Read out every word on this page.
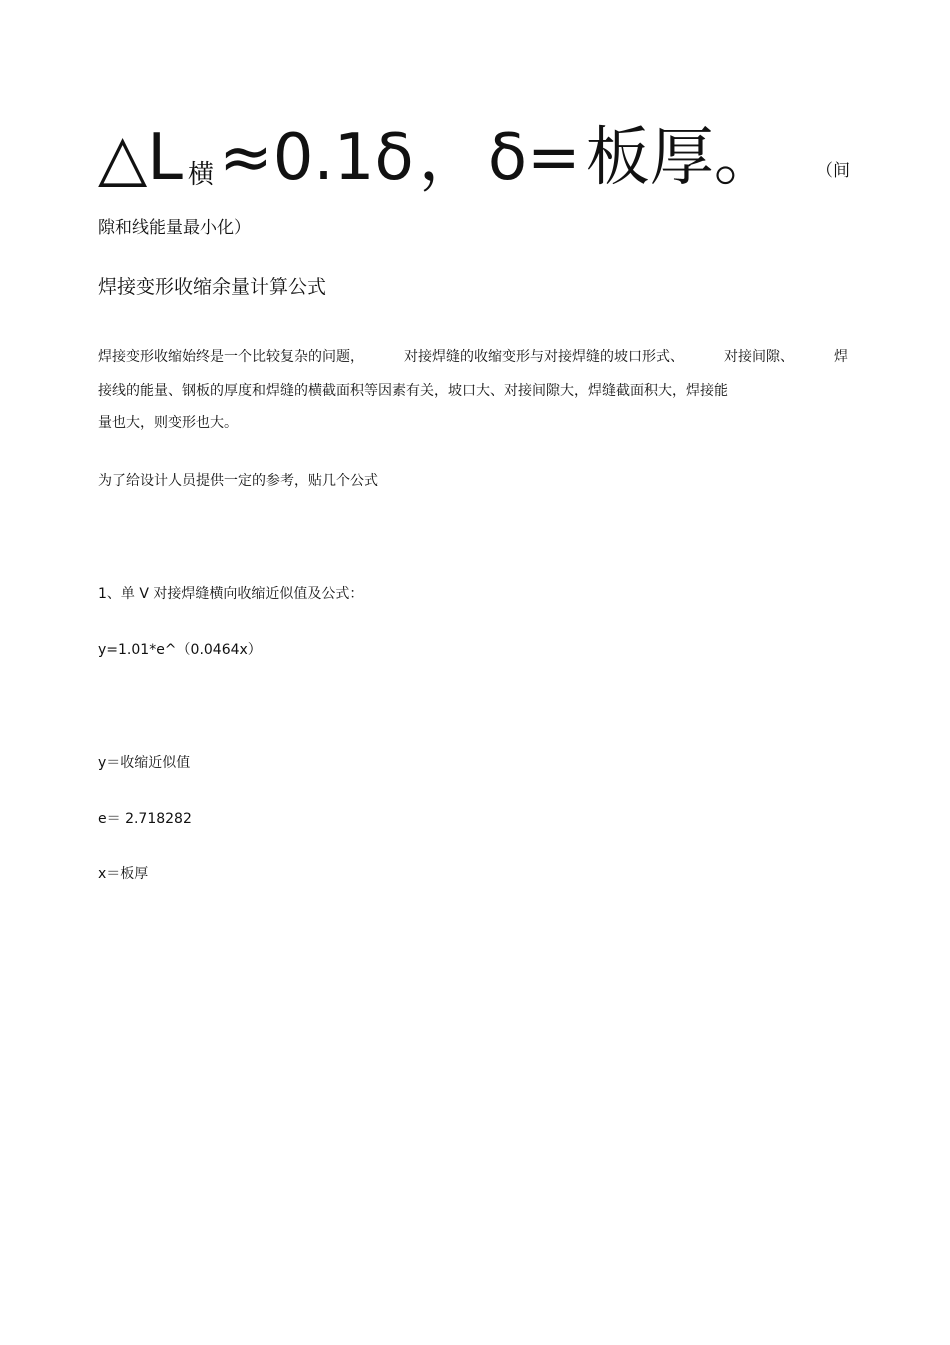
△L 横 ≈0.1δ ， δ= 板厚。 （间
隙和线能量最小化）
焊接变形收缩余量计算公式
焊接变形收缩始终是一个比较复杂的问题，	对接焊缝的收缩变形与对接焊缝的坡口形式、	对接间隙、	焊
接线的能量、钢板的厚度和焊缝的横截面积等因素有关，坡口大、对接间隙大，焊缝截面积大，焊接能
量也大，则变形也大。
为了给设计人员提供一定的参考，贴几个公式
1、单 V 对接焊缝横向收缩近似值及公式：
y=1.01*e^（0.0464x）
y＝收缩近似值
e＝ 2.718282
x＝板厚
